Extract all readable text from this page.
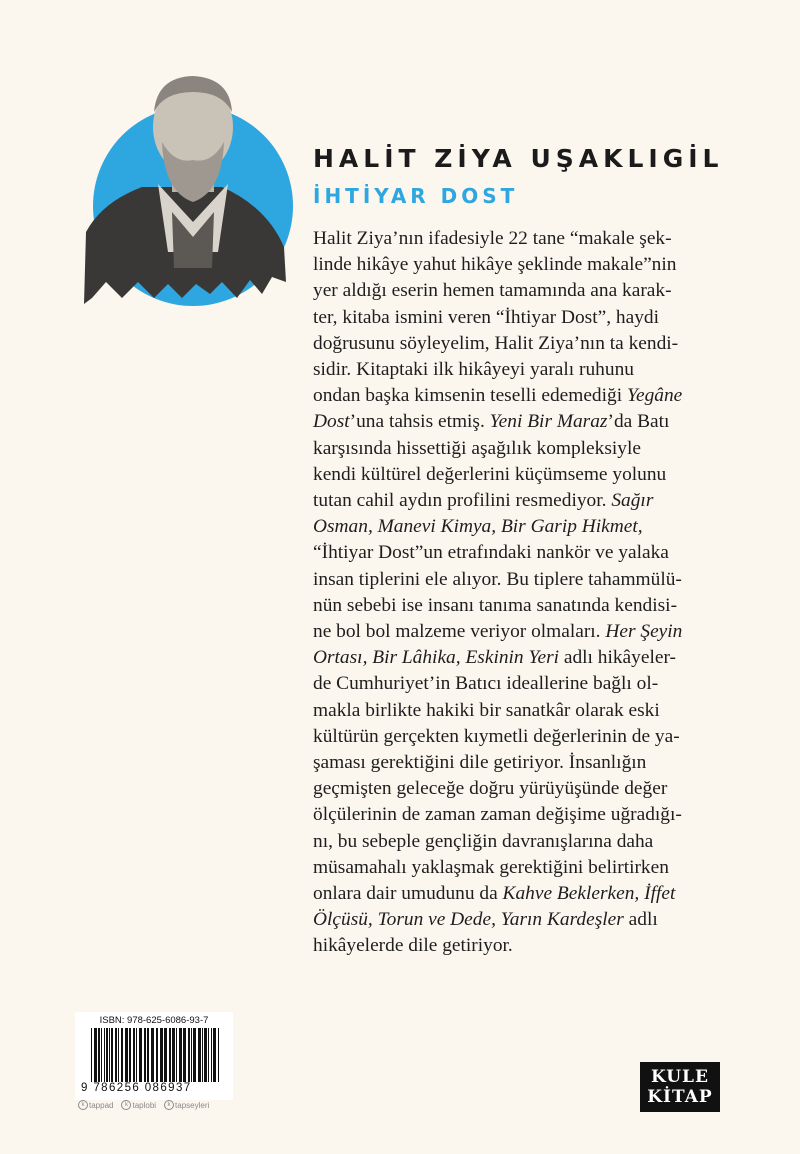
HALİT ZİYA UŞAKLIGİL
İHTİYAR DOST
Halit Ziya’nın ifadesiyle 22 tane “makale şek-
linde hikâye yahut hikâye şeklinde makale”nin
yer aldığı eserin hemen tamamında ana karak-
ter, kitaba ismini veren “İhtiyar Dost”, haydi
doğrusunu söyleyelim, Halit Ziya’nın ta kendi-
sidir. Kitaptaki ilk hikâyeyi yaralı ruhunu
ondan başka kimsenin teselli edemediği Yegâne
Dost’una tahsis etmiş. Yeni Bir Maraz’da Batı
karşısında hissettiği aşağılık kompleksiyle
kendi kültürel değerlerini küçümseme yolunu
tutan cahil aydın profilini resmediyor. Sağır
Osman, Manevi Kimya, Bir Garip Hikmet,
“İhtiyar Dost”un etrafındaki nankör ve yalaka
insan tiplerini ele alıyor. Bu tiplere tahammülü-
nün sebebi ise insanı tanıma sanatında kendisi-
ne bol bol malzeme veriyor olmaları. Her Şeyin
Ortası, Bir Lâhika, Eskinin Yeri adlı hikâyeler-
de Cumhuriyet’in Batıcı ideallerine bağlı ol-
makla birlikte hakiki bir sanatkâr olarak eski
kültürün gerçekten kıymetli değerlerinin de ya-
şaması gerektiğini dile getiriyor. İnsanlığın
geçmişten geleceğe doğru yürüyüşünde değer
ölçülerinin de zaman zaman değişime uğradığı-
nı, bu sebeple gençliğin davranışlarına daha
müsamahalı yaklaşmak gerektiğini belirtirken
onlara dair umudunu da Kahve Beklerken, İffet
Ölçüsü, Torun ve Dede, Yarın Kardeşler adlı
hikâyelerde dile getiriyor.
ISBN: 978-625-6086-93-7
9 786256 086937
k tappad	k taplobi	k tapseyleri
KULE
KİTAP
